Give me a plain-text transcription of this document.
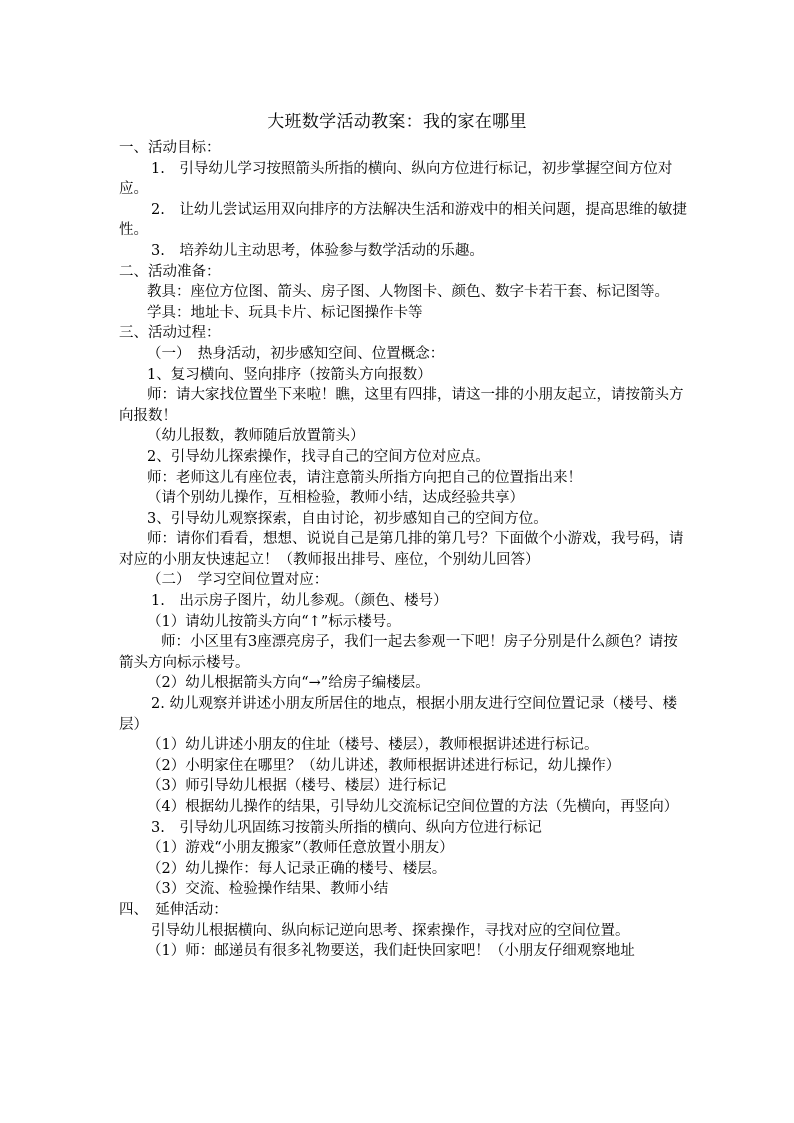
大班数学活动教案：我的家在哪里
一、活动目标：
1.　引导幼儿学习按照箭头所指的横向、纵向方位进行标记，初步掌握空间方位对应。
2.　让幼儿尝试运用双向排序的方法解决生活和游戏中的相关问题，提高思维的敏捷性。
3.　培养幼儿主动思考，体验参与数学活动的乐趣。
二、活动准备：
教具：座位方位图、箭头、房子图、人物图卡、颜色、数字卡若干套、标记图等。
学具：地址卡、玩具卡片、标记图操作卡等
三、活动过程：
（一）　热身活动，初步感知空间、位置概念：
1、复习横向、竖向排序（按箭头方向报数）
师：请大家找位置坐下来啦！瞧，这里有四排，请这一排的小朋友起立，请按箭头方向报数！
（幼儿报数，教师随后放置箭头）
2、引导幼儿探索操作，找寻自己的空间方位对应点。
师：老师这儿有座位表，请注意箭头所指方向把自己的位置指出来！
（请个别幼儿操作，互相检验，教师小结，达成经验共享）
3、引导幼儿观察探索，自由讨论，初步感知自己的空间方位。
师：请你们看看，想想、说说自己是第几排的第几号？下面做个小游戏，我号码，请对应的小朋友快速起立！（教师报出排号、座位，个别幼儿回答）
（二）　学习空间位置对应：
1.　出示房子图片，幼儿参观。（颜色、楼号）
（1）请幼儿按箭头方向“↑”标示楼号。
师：小区里有3座漂亮房子，我们一起去参观一下吧！房子分别是什么颜色？请按箭头方向标示楼号。
（2）幼儿根据箭头方向“→”给房子编楼层。
2. 幼儿观察并讲述小朋友所居住的地点，根据小朋友进行空间位置记录（楼号、楼层）
（1）幼儿讲述小朋友的住址（楼号、楼层），教师根据讲述进行标记。
（2）小明家住在哪里？（幼儿讲述，教师根据讲述进行标记，幼儿操作）
（3）师引导幼儿根据（楼号、楼层）进行标记
（4）根据幼儿操作的结果，引导幼儿交流标记空间位置的方法（先横向，再竖向）
3.　引导幼儿巩固练习按箭头所指的横向、纵向方位进行标记
（1）游戏“小朋友搬家”（教师任意放置小朋友）
（2）幼儿操作：每人记录正确的楼号、楼层。
（3）交流、检验操作结果、教师小结
四、　延伸活动：
引导幼儿根据横向、纵向标记逆向思考、探索操作，寻找对应的空间位置。
（1）师：邮递员有很多礼物要送，我们赶快回家吧！（小朋友仔细观察地址
